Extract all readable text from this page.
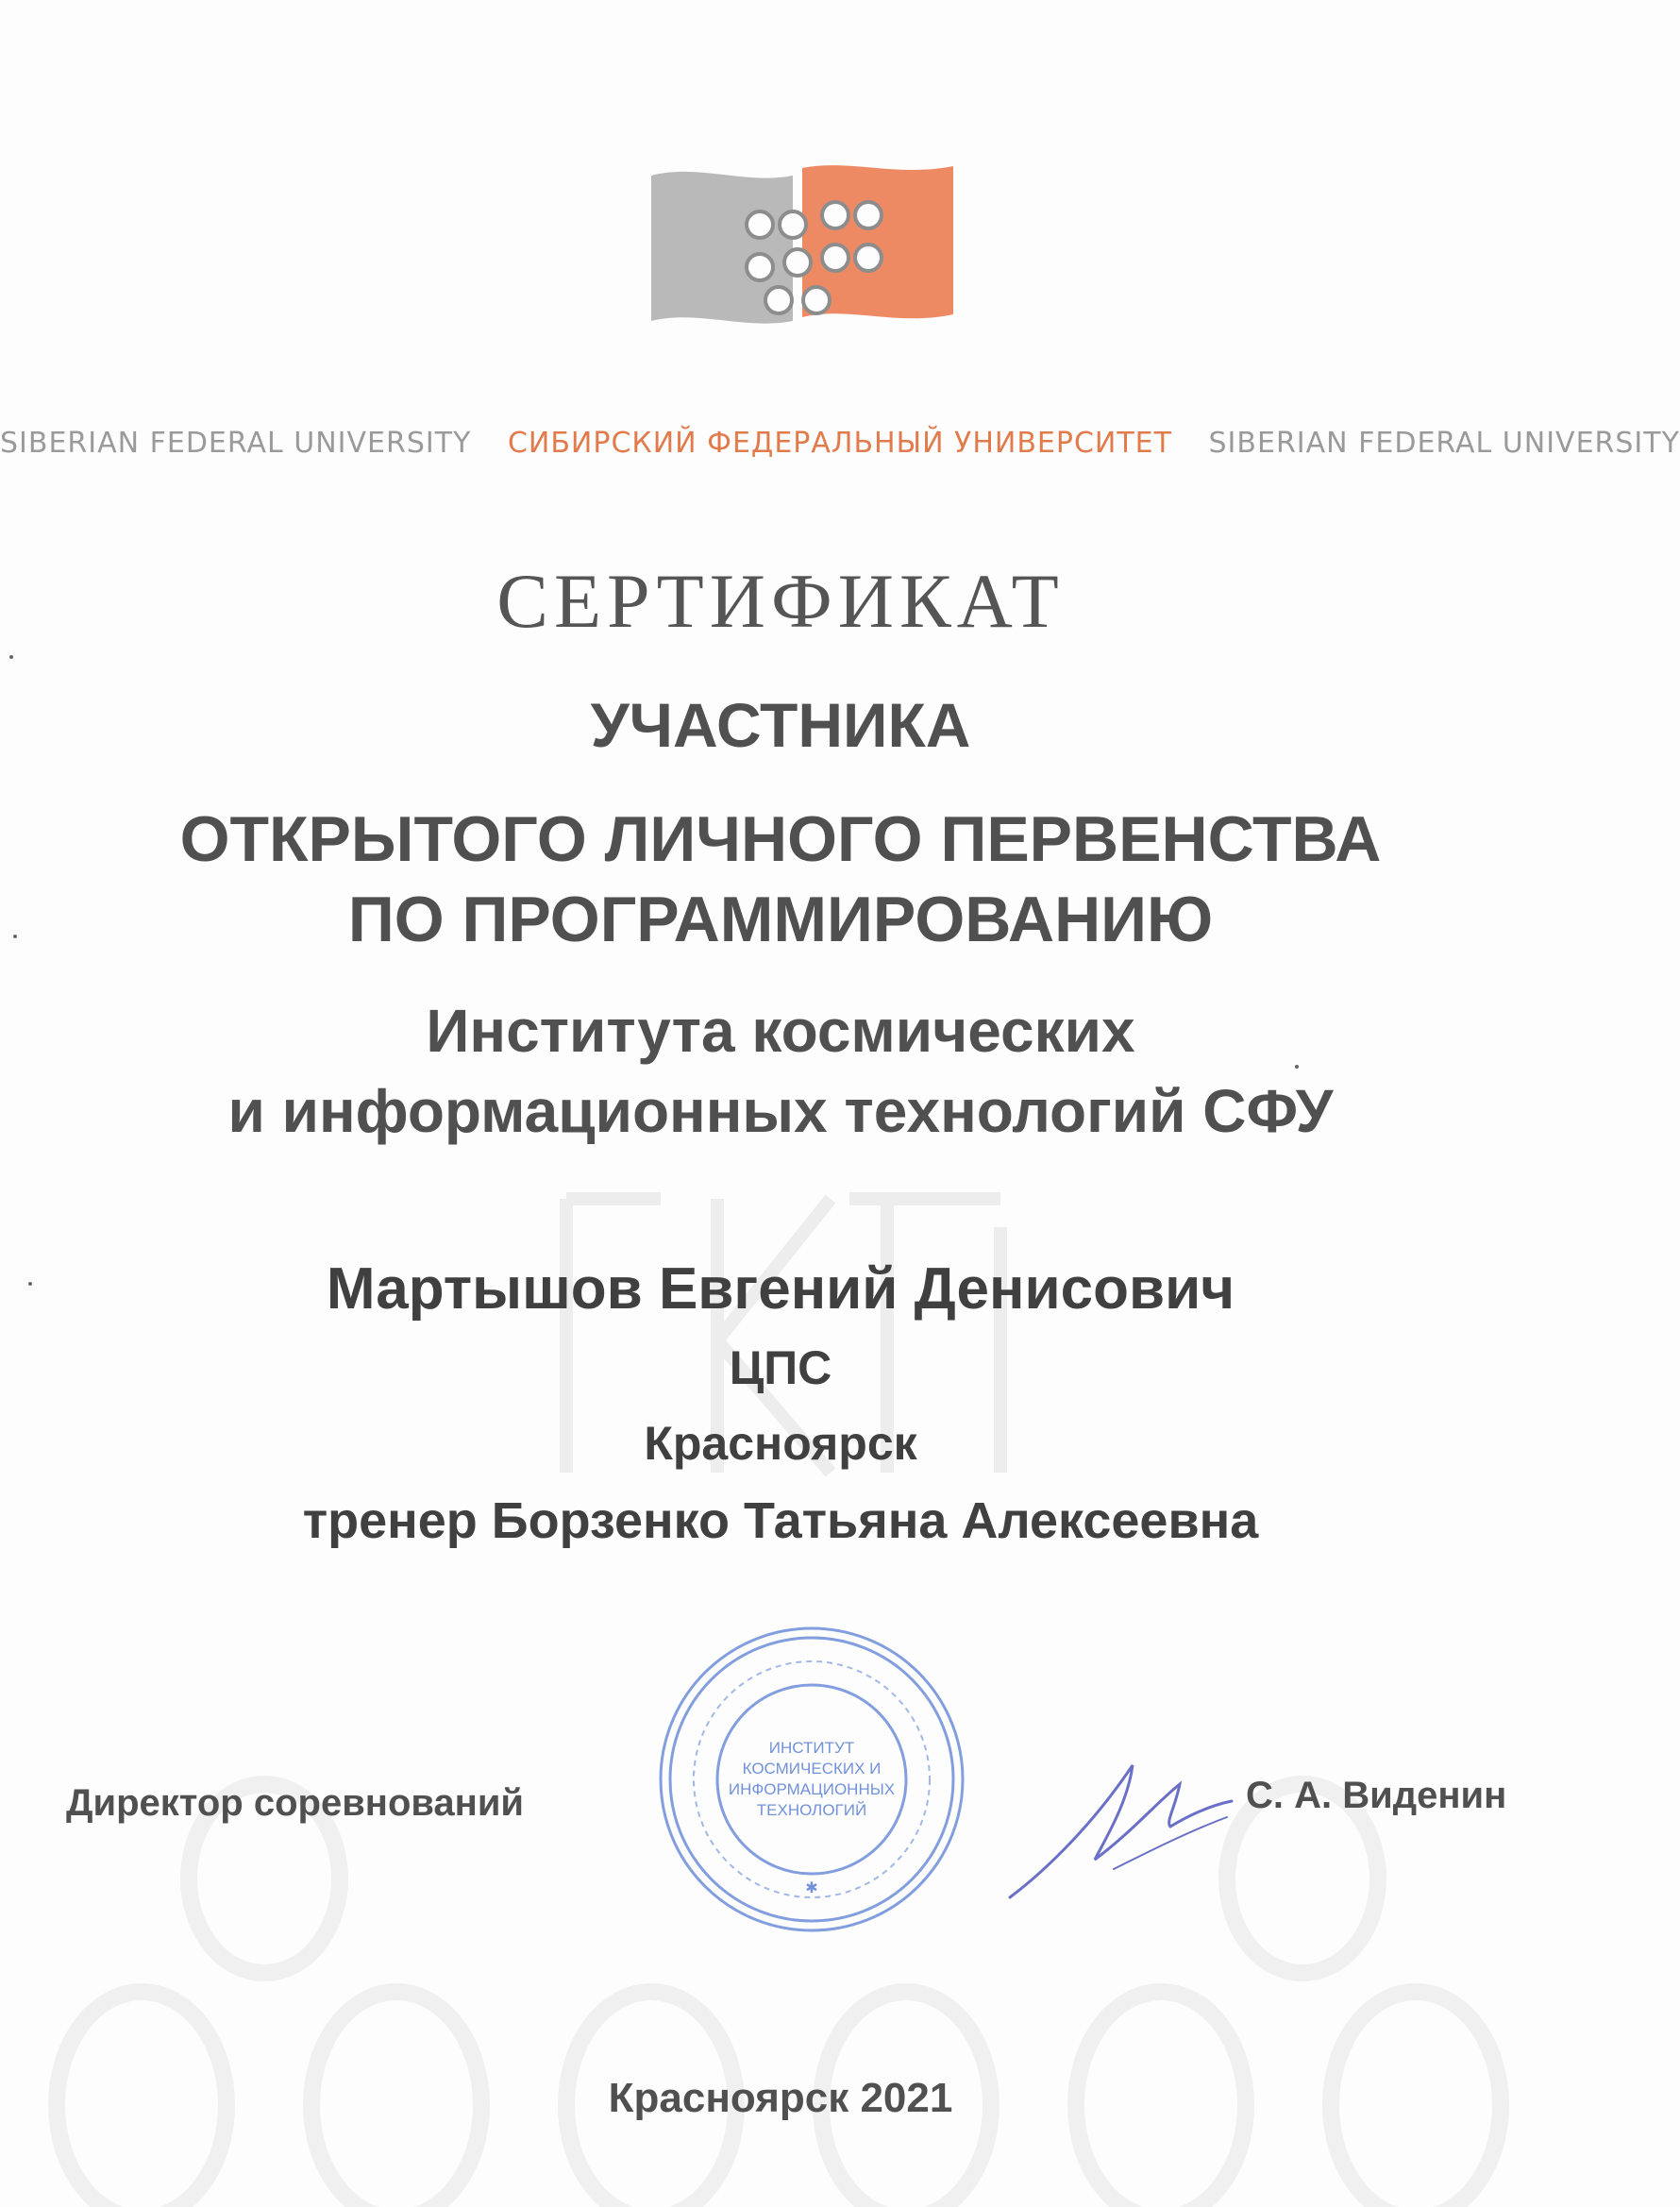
SIBERIAN FEDERAL UNIVERSITY СИБИРСКИЙ ФЕДЕРАЛЬНЫЙ УНИВЕРСИТЕТ SIBERIAN FEDERAL UNIVERSITY
СЕРТИФИКАТ
УЧАСТНИКА
ОТКРЫТОГО ЛИЧНОГО ПЕРВЕНСТВА
ПО ПРОГРАММИРОВАНИЮ
Института космических
и информационных технологий СФУ
Мартышов Евгений Денисович
ЦПС
Красноярск
тренер Борзенко Татьяна Алексеевна
Директор соревнований
ИНСТИТУТ
КОСМИЧЕСКИХ И
ИНФОРМАЦИОННЫХ
ТЕХНОЛОГИЙ
✱
С. А. Виденин
Красноярск 2021
